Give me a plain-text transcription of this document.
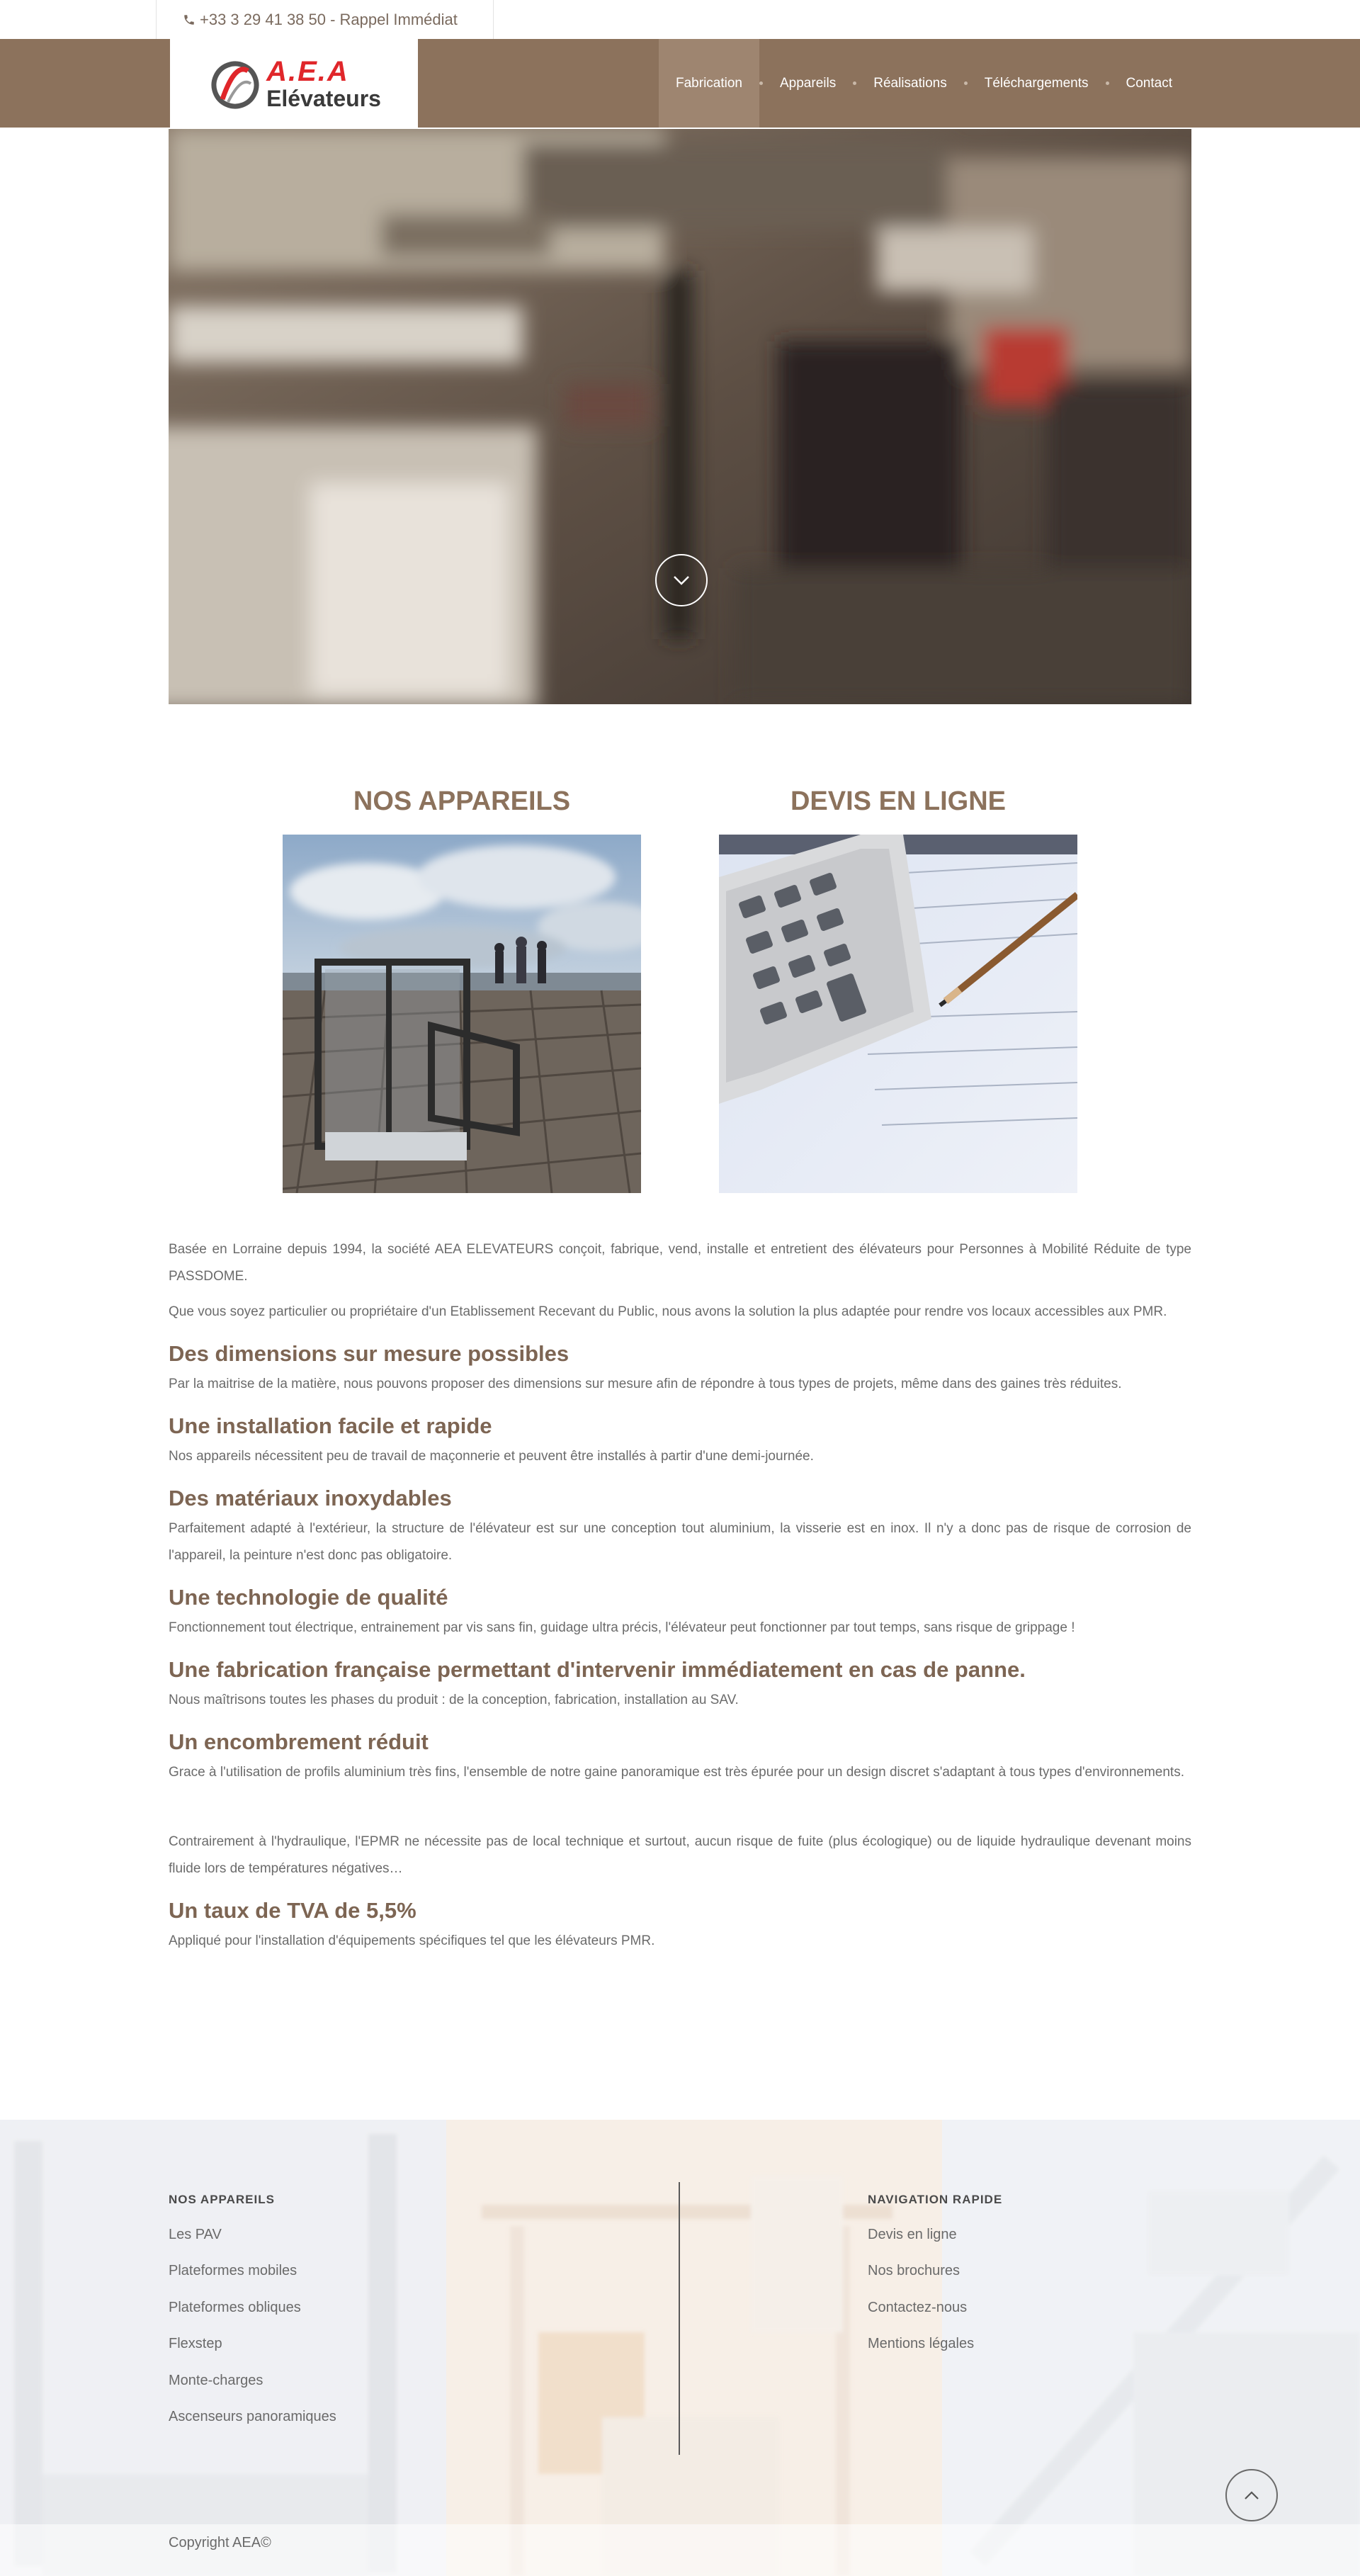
+33 3 29 41 38 50 - Rappel Immédiat
A.E.A
Elévateurs
Fabrication	Appareils	Réalisations	Téléchargements	Contact
NOS APPAREILS	DEVIS EN LIGNE

Basée en Lorraine depuis 1994, la société AEA ELEVATEURS conçoit, fabrique, vend, installe et entretient des élévateurs pour Personnes à Mobilité Réduite de type PASSDOME.

Que vous soyez particulier ou propriétaire d'un Etablissement Recevant du Public, nous avons la solution la plus adaptée pour rendre vos locaux accessibles aux PMR.

Des dimensions sur mesure possibles

Par la maitrise de la matière, nous pouvons proposer des dimensions sur mesure afin de répondre à tous types de projets, même dans des gaines très réduites.

Une installation facile et rapide

Nos appareils nécessitent peu de travail de maçonnerie et peuvent être installés à partir d'une demi-journée.

Des matériaux inoxydables

Parfaitement adapté à l'extérieur, la structure de l'élévateur est sur une conception tout aluminium, la visserie est en inox. Il n'y a donc pas de risque de corrosion de l'appareil, la peinture n'est donc pas obligatoire.

Une technologie de qualité

Fonctionnement tout électrique, entrainement par vis sans fin, guidage ultra précis, l'élévateur peut fonctionner par tout temps, sans risque de grippage !

Une fabrication française permettant d'intervenir immédiatement en cas de panne.

Nous maîtrisons toutes les phases du produit : de la conception, fabrication, installation au SAV.

Un encombrement réduit

Grace à l'utilisation de profils aluminium très fins, l'ensemble de notre gaine panoramique est très épurée pour un design discret s'adaptant à tous types d'environnements.

Contrairement à l'hydraulique, l'EPMR ne nécessite pas de local technique et surtout, aucun risque de fuite (plus écologique) ou de liquide hydraulique devenant moins fluide lors de températures négatives…

Un taux de TVA de 5,5%

Appliqué pour l'installation d'équipements spécifiques tel que les élévateurs PMR.

NOS APPAREILS
Les PAV
Plateformes mobiles
Plateformes obliques
Flexstep
Monte-charges
Ascenseurs panoramiques
NAVIGATION RAPIDE
Devis en ligne
Nos brochures
Contactez-nous
Mentions légales
Copyright AEA©
